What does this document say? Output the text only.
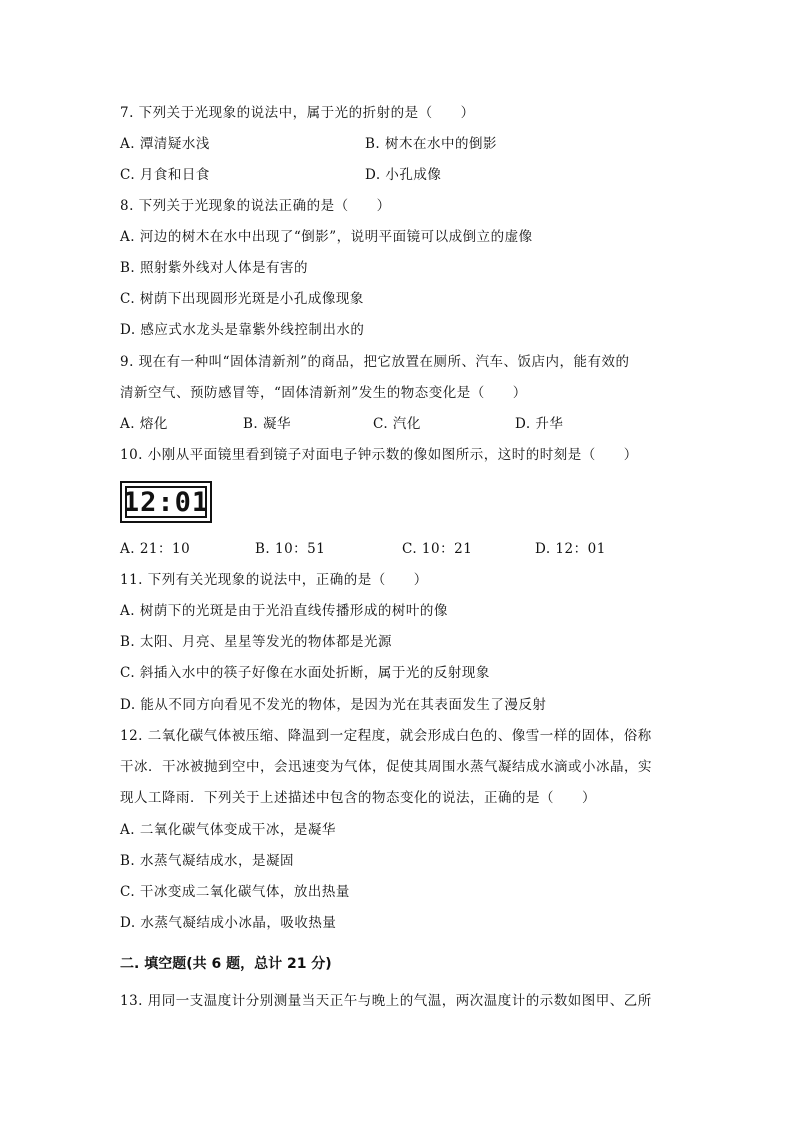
7. 下列关于光现象的说法中，属于光的折射的是（　　）
A. 潭清疑水浅	B. 树木在水中的倒影
C. 月食和日食	D. 小孔成像
8. 下列关于光现象的说法正确的是（　　）
A. 河边的树木在水中出现了“倒影”，说明平面镜可以成倒立的虚像
B. 照射紫外线对人体是有害的
C. 树荫下出现圆形光斑是小孔成像现象
D. 感应式水龙头是靠紫外线控制出水的
9. 现在有一种叫“固体清新剂”的商品，把它放置在厕所、汽车、饭店内，能有效的
清新空气、预防感冒等，“固体清新剂”发生的物态变化是（　　）
A. 熔化	B. 凝华	C. 汽化	D. 升华
10. 小刚从平面镜里看到镜子对面电子钟示数的像如图所示，这时的时刻是（　　）
12:01
A. 21：10	B. 10：51	C. 10：21	D. 12：01
11. 下列有关光现象的说法中，正确的是（　　）
A. 树荫下的光斑是由于光沿直线传播形成的树叶的像
B. 太阳、月亮、星星等发光的物体都是光源
C. 斜插入水中的筷子好像在水面处折断，属于光的反射现象
D. 能从不同方向看见不发光的物体，是因为光在其表面发生了漫反射
12. 二氧化碳气体被压缩、降温到一定程度，就会形成白色的、像雪一样的固体，俗称
干冰．干冰被抛到空中，会迅速变为气体，促使其周围水蒸气凝结成水滴或小冰晶，实
现人工降雨．下列关于上述描述中包含的物态变化的说法，正确的是（　　）
A. 二氧化碳气体变成干冰，是凝华
B. 水蒸气凝结成水，是凝固
C. 干冰变成二氧化碳气体，放出热量
D. 水蒸气凝结成小冰晶，吸收热量
二. 填空题(共 6 题，总计 21 分)
13. 用同一支温度计分别测量当天正午与晚上的气温，两次温度计的示数如图甲、乙所
